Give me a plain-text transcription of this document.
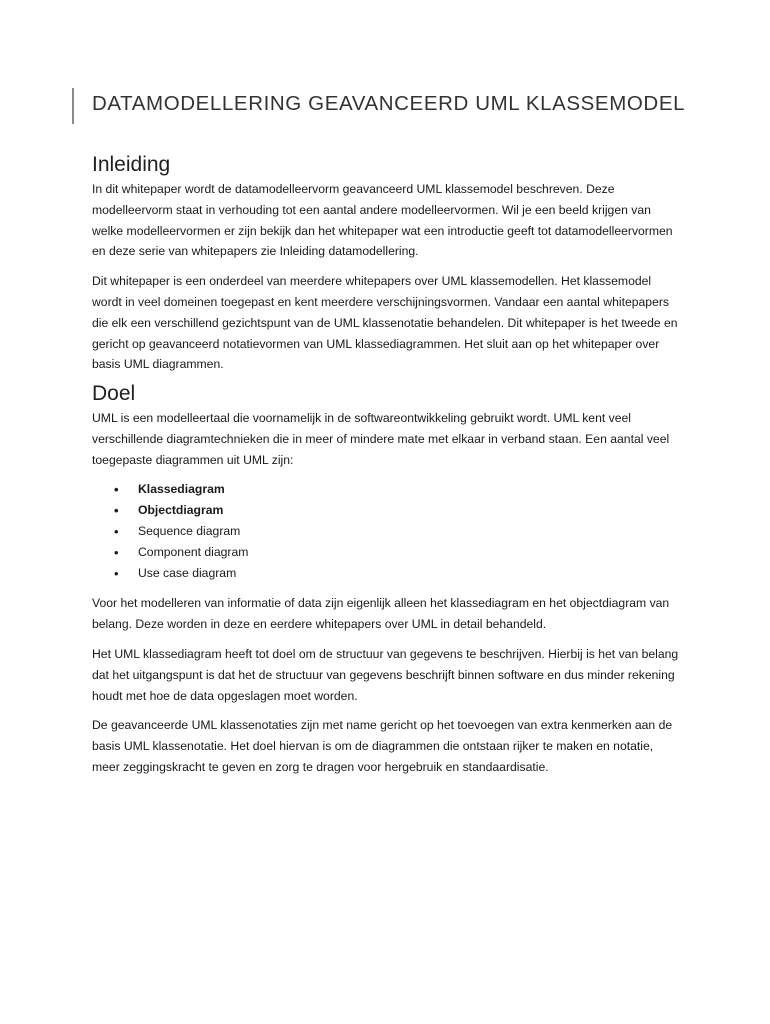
DATAMODELLERING GEAVANCEERD UML KLASSEMODEL
Inleiding

In dit whitepaper wordt de datamodelleervorm geavanceerd UML klassemodel beschreven. Deze modelleervorm staat in verhouding tot een aantal andere modelleervormen. Wil je een beeld krijgen van welke modelleervormen er zijn bekijk dan het whitepaper wat een introductie geeft tot datamodelleervormen en deze serie van whitepapers zie Inleiding datamodellering.

Dit whitepaper is een onderdeel van meerdere whitepapers over UML klassemodellen. Het klassemodel wordt in veel domeinen toegepast en kent meerdere verschijningsvormen. Vandaar een aantal whitepapers die elk een verschillend gezichtspunt van de UML klassenotatie behandelen. Dit whitepaper is het tweede en gericht op geavanceerd notatievormen van UML klassediagrammen. Het sluit aan op het whitepaper over basis UML diagrammen.

Doel

UML is een modelleertaal die voornamelijk in de softwareontwikkeling gebruikt wordt. UML kent veel verschillende diagramtechnieken die in meer of mindere mate met elkaar in verband staan. Een aantal veel toegepaste diagrammen uit UML zijn:

• Klassediagram
• Objectdiagram
• Sequence diagram
• Component diagram
• Use case diagram

Voor het modelleren van informatie of data zijn eigenlijk alleen het klassediagram en het objectdiagram van belang. Deze worden in deze en eerdere whitepapers over UML in detail behandeld.

Het UML klassediagram heeft tot doel om de structuur van gegevens te beschrijven. Hierbij is het van belang dat het uitgangspunt is dat het de structuur van gegevens beschrijft binnen software en dus minder rekening houdt met hoe de data opgeslagen moet worden.

De geavanceerde UML klassenotaties zijn met name gericht op het toevoegen van extra kenmerken aan de basis UML klassenotatie. Het doel hiervan is om de diagrammen die ontstaan rijker te maken en notatie, meer zeggingskracht te geven en zorg te dragen voor hergebruik en standaardisatie.
